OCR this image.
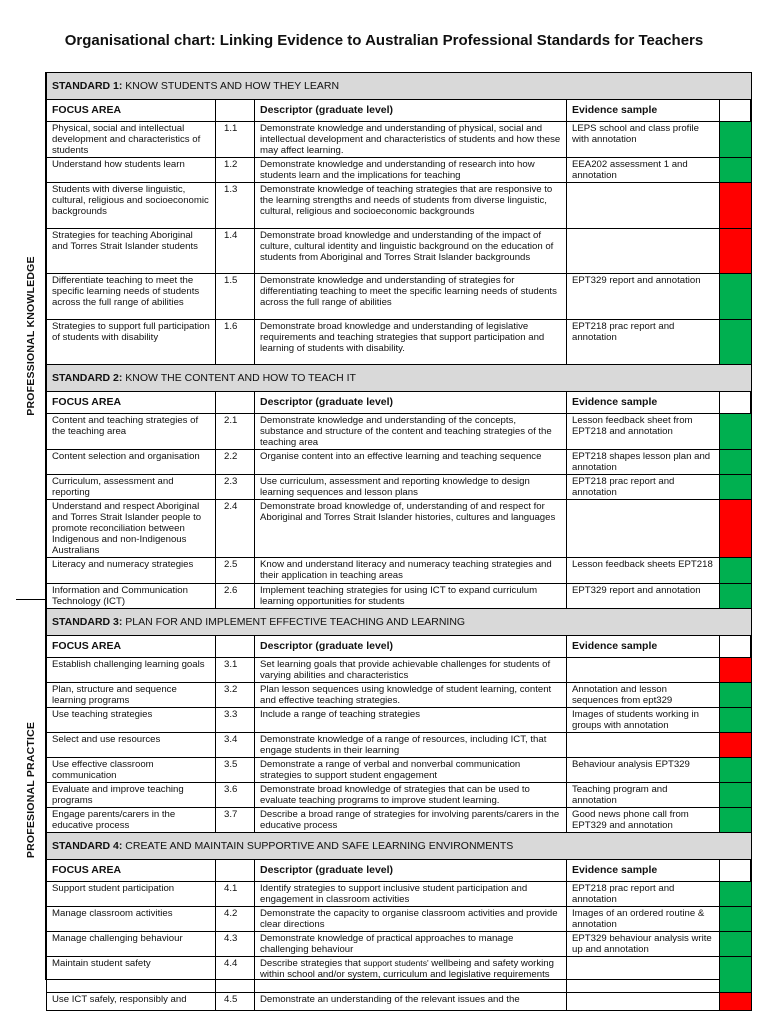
Organisational chart: Linking Evidence to Australian Professional Standards for Teachers
PROFESSIONAL KNOWLEDGE
PROFESIONAL PRACTICE
STANDARD 1: KNOW STUDENTS AND HOW THEY LEARN				
FOCUS AREA		Descriptor (graduate level)	Evidence sample	
Physical, social and intellectual development and characteristics of students	1.1	Demonstrate knowledge and understanding of physical, social and intellectual development and characteristics of students and how these may affect learning.	LEPS school and class profile with annotation	
Understand how students learn	1.2	Demonstrate knowledge and understanding of research into how students learn and the implications for teaching	EEA202 assessment 1 and annotation	
Students with diverse linguistic, cultural, religious and socioeconomic backgrounds	1.3	Demonstrate knowledge of teaching strategies that are responsive to the learning strengths and needs of students from diverse linguistic, cultural, religious and socioeconomic backgrounds		
Strategies for teaching Aboriginal and Torres Strait Islander students	1.4	Demonstrate broad knowledge and understanding of the impact of culture, cultural identity and linguistic background on the education of students from Aboriginal and Torres Strait Islander backgrounds		
Differentiate teaching to meet the specific learning needs of students across the full range of abilities	1.5	Demonstrate knowledge and understanding of strategies for differentiating teaching to meet the specific learning needs of students across the full range of abilities	EPT329 report and annotation	
Strategies to support full participation of students with disability	1.6	Demonstrate broad knowledge and understanding of legislative requirements and teaching strategies that support participation and learning of students with disability.	EPT218 prac report and annotation	
STANDARD 2: KNOW THE CONTENT AND HOW TO TEACH IT				
FOCUS AREA		Descriptor (graduate level)	Evidence sample	
Content and teaching strategies of the teaching area	2.1	Demonstrate knowledge and understanding of the concepts, substance and structure of the content and teaching strategies of the teaching area	Lesson feedback sheet from EPT218 and annotation	
Content selection and organisation	2.2	Organise content into an effective learning and teaching sequence	EPT218 shapes lesson plan and annotation	
Curriculum, assessment and reporting	2.3	Use curriculum, assessment and reporting knowledge to design learning sequences and lesson plans	EPT218 prac report and annotation	
Understand and respect Aboriginal and Torres Strait Islander people to promote reconciliation between Indigenous and non-Indigenous Australians	2.4	Demonstrate broad knowledge of, understanding of and respect for Aboriginal and Torres Strait Islander histories, cultures and languages		
Literacy and numeracy strategies	2.5	Know and understand literacy and numeracy teaching strategies and their application in teaching areas	Lesson feedback sheets EPT218	
Information and Communication Technology (ICT)	2.6	Implement teaching strategies for using ICT to expand curriculum learning opportunities for students	EPT329 report and annotation	
STANDARD 3: PLAN FOR AND IMPLEMENT EFFECTIVE TEACHING AND LEARNING				
FOCUS AREA		Descriptor (graduate level)	Evidence sample	
Establish challenging learning goals	3.1	Set learning goals that provide achievable challenges for students of varying abilities and characteristics		
Plan, structure and sequence learning programs	3.2	Plan lesson sequences using knowledge of student learning, content and effective teaching strategies.	Annotation and lesson sequences from ept329	
Use teaching strategies	3.3	Include a range of teaching strategies	Images of students working in groups with annotation	
Select and use resources	3.4	Demonstrate knowledge of a range of resources, including ICT, that engage students in their learning		
Use effective classroom communication	3.5	Demonstrate a range of verbal and nonverbal communication strategies to support student engagement	Behaviour analysis EPT329	
Evaluate and improve teaching programs	3.6	Demonstrate broad knowledge of strategies that can be used to evaluate teaching programs to improve student learning.	Teaching program and annotation	
Engage parents/carers in the educative process	3.7	Describe a broad range of strategies for involving parents/carers in the educative process	Good news phone call from EPT329 and annotation	
STANDARD 4: CREATE AND MAINTAIN SUPPORTIVE AND SAFE LEARNING ENVIRONMENTS				
FOCUS AREA		Descriptor (graduate level)	Evidence sample	
Support student participation	4.1	Identify strategies to support inclusive student participation and engagement in classroom activities	EPT218 prac report and annotation	
Manage classroom activities	4.2	Demonstrate the capacity to organise classroom activities and provide clear directions	Images of an ordered routine & annotation	
Manage challenging behaviour	4.3	Demonstrate knowledge of practical approaches to manage challenging behaviour	EPT329 behaviour analysis write up and annotation	
Maintain student safety	4.4	Describe strategies that support students' wellbeing and safety working within school and/or system, curriculum and legislative requirements		
Use ICT safely, responsibly and	4.5	Demonstrate an understanding of the relevant issues and the		
